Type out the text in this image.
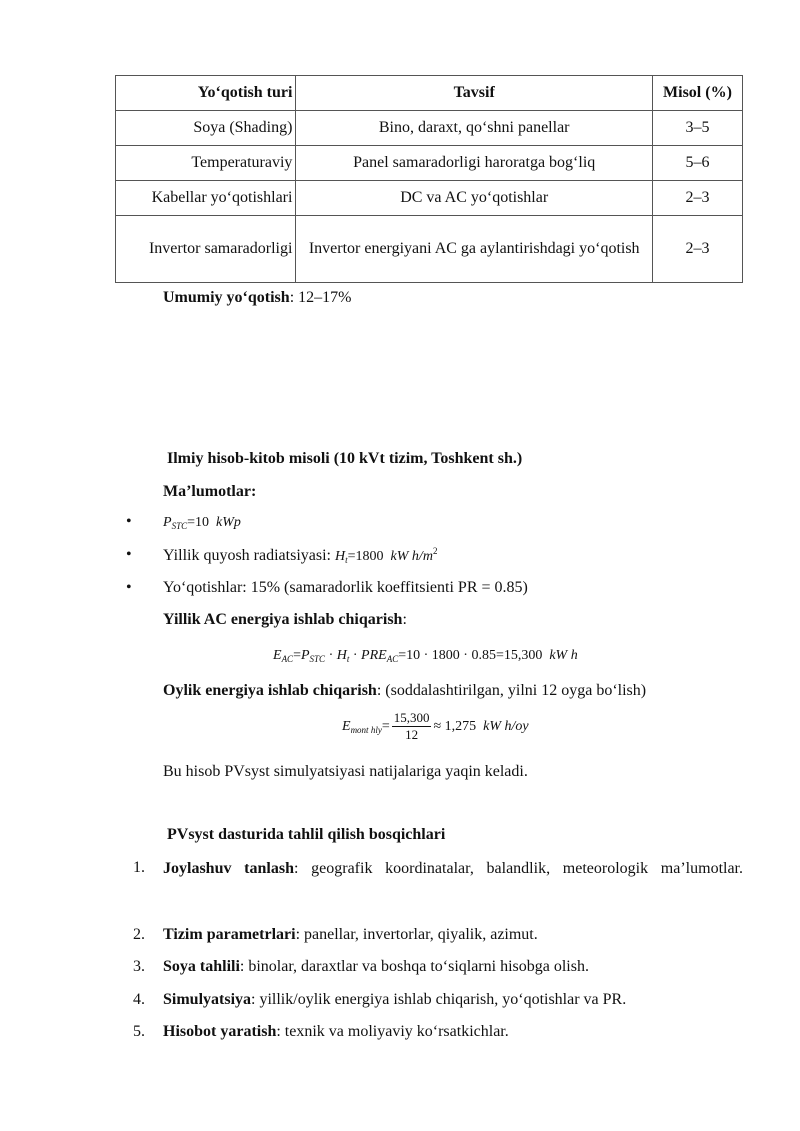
Yo‘qotish turi	Tavsif	Misol (%)
Soya (Shading)	Bino, daraxt, qo‘shni panellar	3–5
Temperaturaviy	Panel samaradorligi haroratga bog‘liq	5–6
Kabellar yo‘qotishlari	DC va AC yo‘qotishlar	2–3
Invertor samaradorligi	Invertor energiyani AC ga aylantirishdagi yo‘qotish	2–3
Umumiy yo‘qotish: 12–17%
Ilmiy hisob-kitob misoli (10 kVt tizim, Toshkent sh.)
Ma’lumotlar:
• $P_{STC}=10$  kWp
• Yillik quyosh radiatsiyasi: $H_t=1800$  kW $h/m^2$
• Yo‘qotishlar: 15% (samaradorlik koeffitsienti PR = 0.85)
Yillik AC energiya ishlab chiqarish:
$E_{AC}=P_{STC} \cdot H_t \cdot PRE_{AC}=10 \cdot 1800 \cdot 0.85=15,300$  kW h
Oylik energiya ishlab chiqarish: (soddalashtirilgan, yilni 12 oyga bo‘lish)
$E_{mont hly}= \frac{15,300}{12} \approx 1,275$  kW h/oy
Bu hisob PVsyst simulyatsiyasi natijalariga yaqin keladi.
PVsyst dasturida tahlil qilish bosqichlari
1. Joylashuv tanlash: geografik koordinatalar, balandlik, meteorologik ma’lumotlar.
2. Tizim parametrlari: panellar, invertorlar, qiyalik, azimut.
3. Soya tahlili: binolar, daraxtlar va boshqa to‘siqlarni hisobga olish.
4. Simulyatsiya: yillik/oylik energiya ishlab chiqarish, yo‘qotishlar va PR.
5. Hisobot yaratish: texnik va moliyaviy ko‘rsatkichlar.
